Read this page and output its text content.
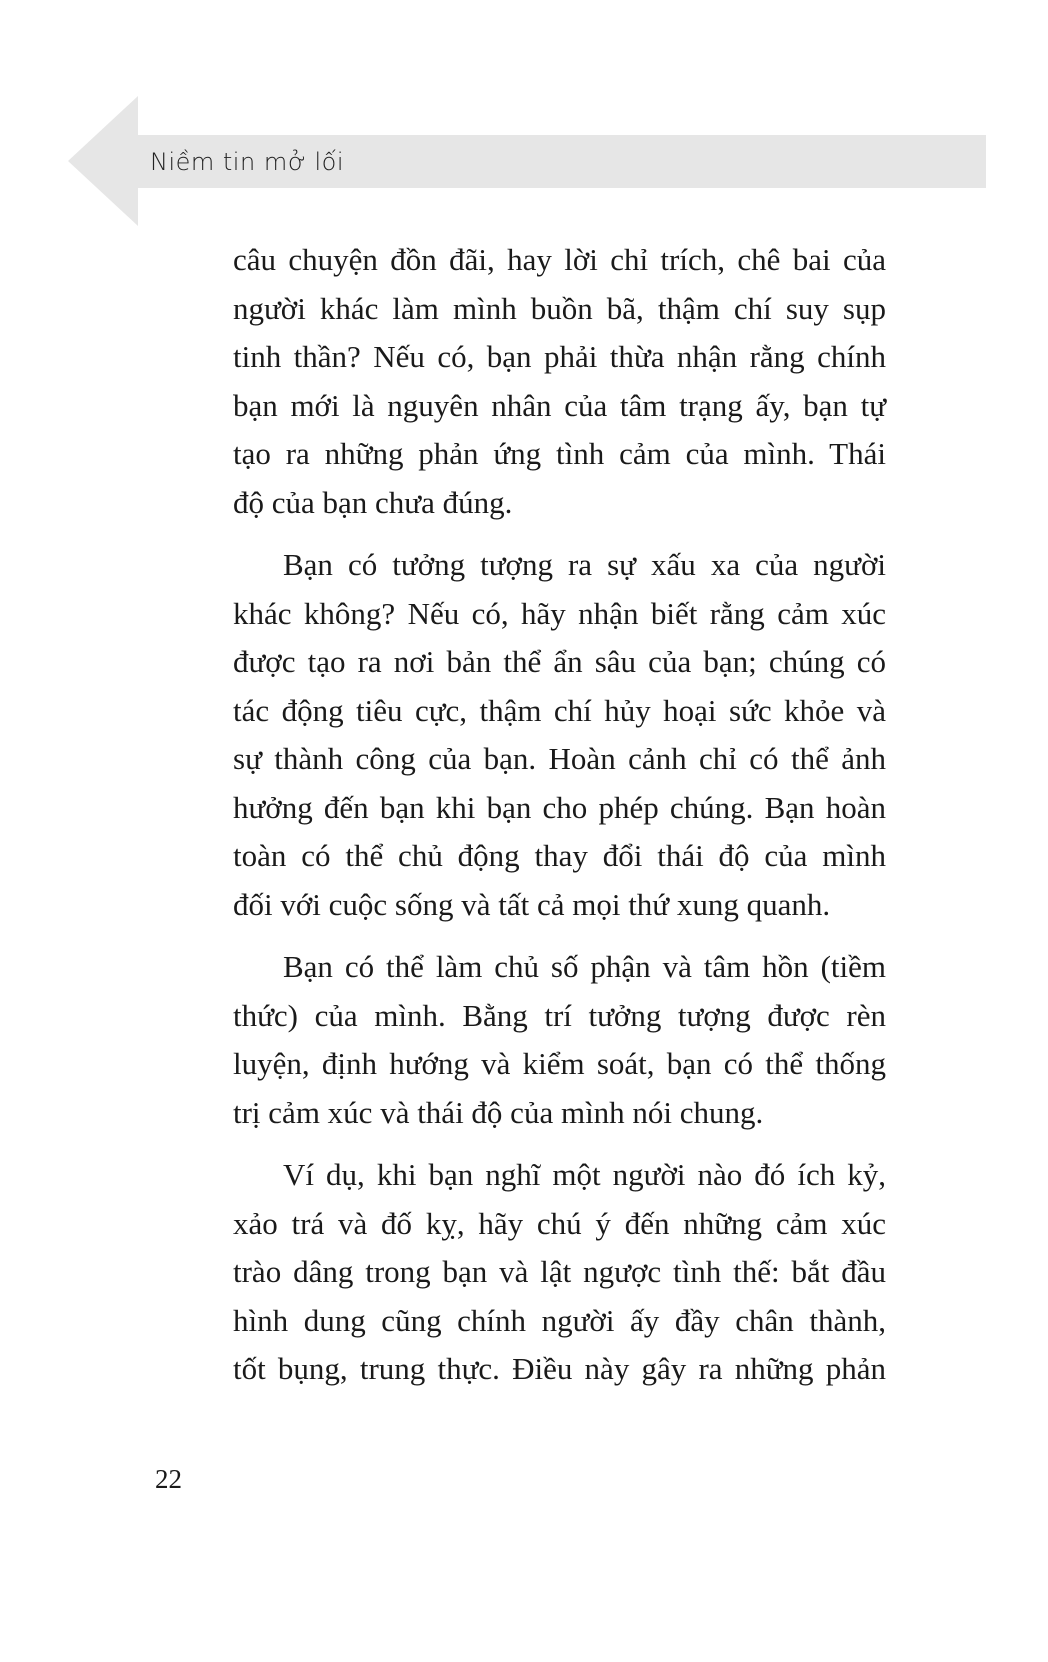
Niềm tin mở lối

câu chuyện đồn đãi, hay lời chỉ trích, chê bai của
người khác làm mình buồn bã, thậm chí suy sụp
tinh thần? Nếu có, bạn phải thừa nhận rằng chính
bạn mới là nguyên nhân của tâm trạng ấy, bạn tự
tạo ra những phản ứng tình cảm của mình. Thái
độ của bạn chưa đúng.

Bạn có tưởng tượng ra sự xấu xa của người
khác không? Nếu có, hãy nhận biết rằng cảm xúc
được tạo ra nơi bản thể ẩn sâu của bạn; chúng có
tác động tiêu cực, thậm chí hủy hoại sức khỏe và
sự thành công của bạn. Hoàn cảnh chỉ có thể ảnh
hưởng đến bạn khi bạn cho phép chúng. Bạn hoàn
toàn có thể chủ động thay đổi thái độ của mình
đối với cuộc sống và tất cả mọi thứ xung quanh.

Bạn có thể làm chủ số phận và tâm hồn (tiềm
thức) của mình. Bằng trí tưởng tượng được rèn
luyện, định hướng và kiểm soát, bạn có thể thống
trị cảm xúc và thái độ của mình nói chung.

Ví dụ, khi bạn nghĩ một người nào đó ích kỷ,
xảo trá và đố kỵ, hãy chú ý đến những cảm xúc
trào dâng trong bạn và lật ngược tình thế: bắt đầu
hình dung cũng chính người ấy đầy chân thành,
tốt bụng, trung thực. Điều này gây ra những phản

22
